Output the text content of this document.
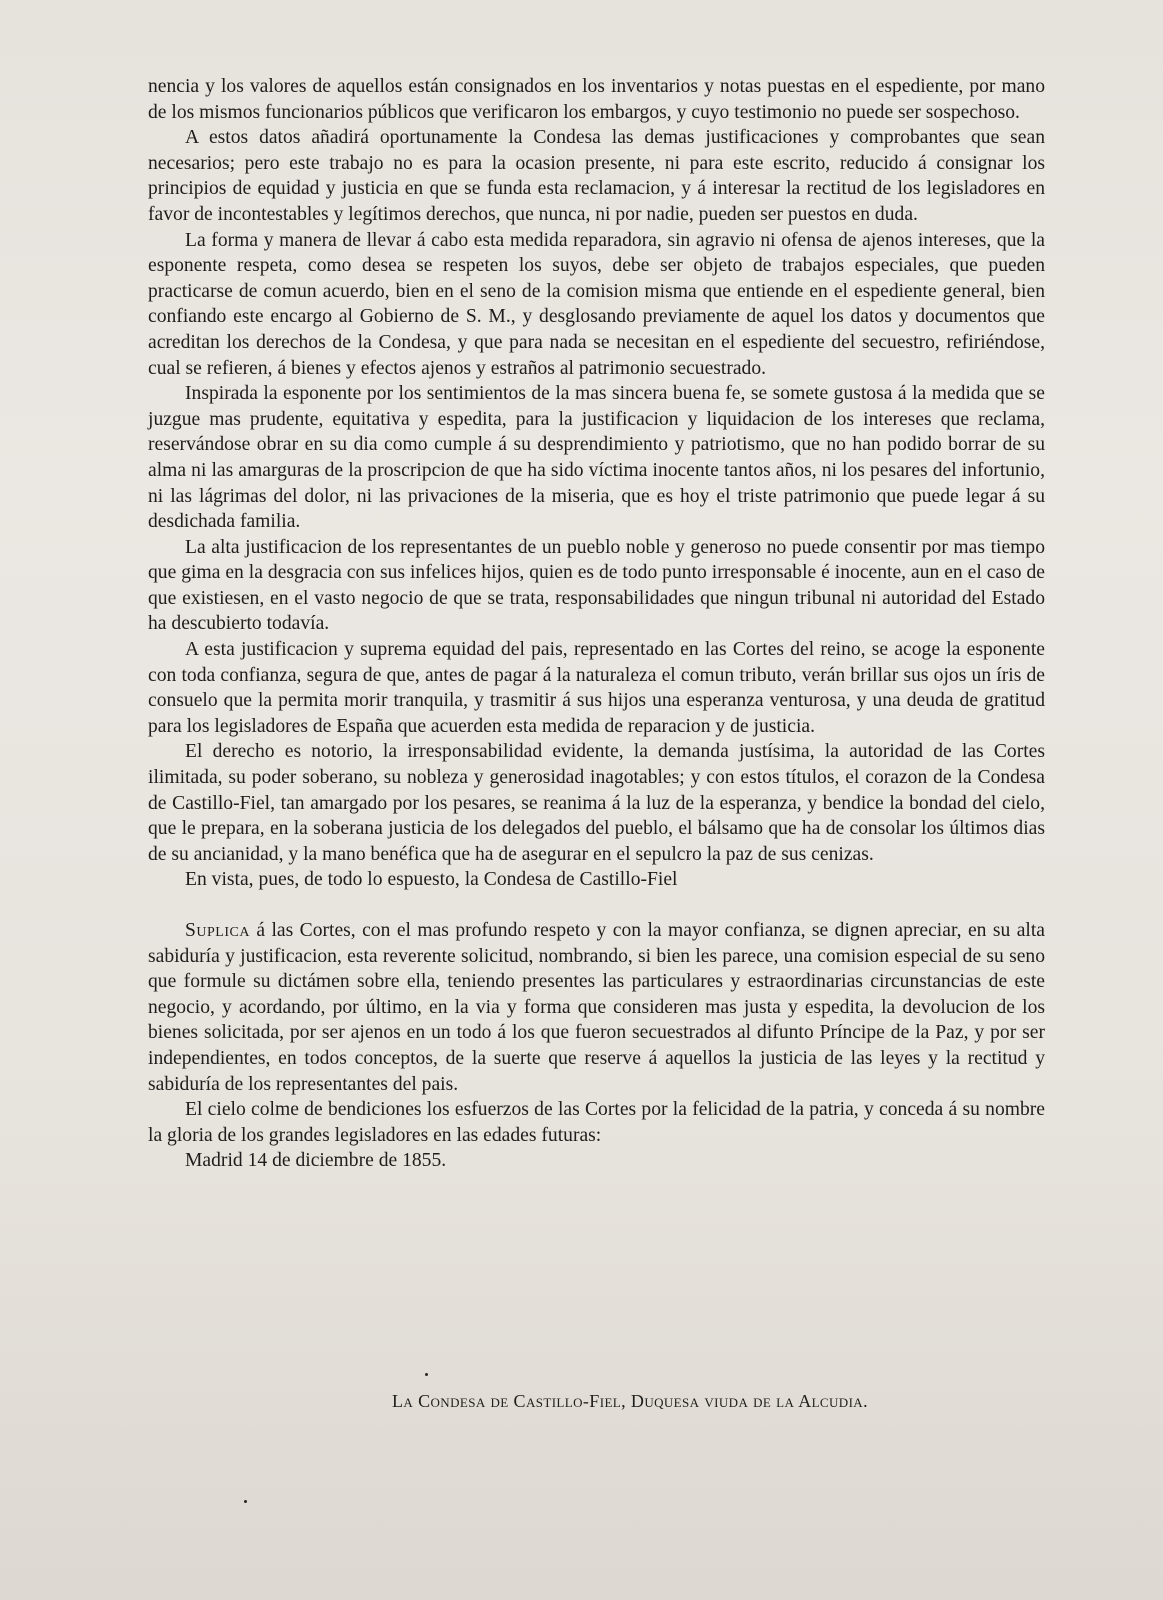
nencia y los valores de aquellos están consignados en los inventarios y notas puestas en el espediente, por mano de los mismos funcionarios públicos que verificaron los embargos, y cuyo testimonio no puede ser sospechoso.

A estos datos añadirá oportunamente la Condesa las demas justificaciones y comprobantes que sean necesarios; pero este trabajo no es para la ocasion presente, ni para este escrito, reducido á consignar los principios de equidad y justicia en que se funda esta reclamacion, y á interesar la rectitud de los legisladores en favor de incontestables y legítimos derechos, que nunca, ni por nadie, pueden ser puestos en duda.

La forma y manera de llevar á cabo esta medida reparadora, sin agravio ni ofensa de ajenos intereses, que la esponente respeta, como desea se respeten los suyos, debe ser objeto de trabajos especiales, que pueden practicarse de comun acuerdo, bien en el seno de la comision misma que entiende en el espediente general, bien confiando este encargo al Gobierno de S. M., y desglosando previamente de aquel los datos y documentos que acreditan los derechos de la Condesa, y que para nada se necesitan en el espediente del secuestro, refiriéndose, cual se refieren, á bienes y efectos ajenos y estraños al patrimonio secuestrado.

Inspirada la esponente por los sentimientos de la mas sincera buena fe, se somete gustosa á la medida que se juzgue mas prudente, equitativa y espedita, para la justificacion y liquidacion de los intereses que reclama, reservándose obrar en su dia como cumple á su desprendimiento y patriotismo, que no han podido borrar de su alma ni las amarguras de la proscripcion de que ha sido víctima inocente tantos años, ni los pesares del infortunio, ni las lágrimas del dolor, ni las privaciones de la miseria, que es hoy el triste patrimonio que puede legar á su desdichada familia.

La alta justificacion de los representantes de un pueblo noble y generoso no puede consentir por mas tiempo que gima en la desgracia con sus infelices hijos, quien es de todo punto irresponsable é inocente, aun en el caso de que existiesen, en el vasto negocio de que se trata, responsabilidades que ningun tribunal ni autoridad del Estado ha descubierto todavía.

A esta justificacion y suprema equidad del pais, representado en las Cortes del reino, se acoge la esponente con toda confianza, segura de que, antes de pagar á la naturaleza el comun tributo, verán brillar sus ojos un íris de consuelo que la permita morir tranquila, y trasmitir á sus hijos una esperanza venturosa, y una deuda de gratitud para los legisladores de España que acuerden esta medida de reparacion y de justicia.

El derecho es notorio, la irresponsabilidad evidente, la demanda justísima, la autoridad de las Cortes ilimitada, su poder soberano, su nobleza y generosidad inagotables; y con estos títulos, el corazon de la Condesa de Castillo-Fiel, tan amargado por los pesares, se reanima á la luz de la esperanza, y bendice la bondad del cielo, que le prepara, en la soberana justicia de los delegados del pueblo, el bálsamo que ha de consolar los últimos dias de su ancianidad, y la mano benéfica que ha de asegurar en el sepulcro la paz de sus cenizas.

En vista, pues, de todo lo espuesto, la Condesa de Castillo-Fiel

Suplica á las Cortes, con el mas profundo respeto y con la mayor confianza, se dignen apreciar, en su alta sabiduría y justificacion, esta reverente solicitud, nombrando, si bien les parece, una comision especial de su seno que formule su dictámen sobre ella, teniendo presentes las particulares y estraordinarias circunstancias de este negocio, y acordando, por último, en la via y forma que consideren mas justa y espedita, la devolucion de los bienes solicitada, por ser ajenos en un todo á los que fueron secuestrados al difunto Príncipe de la Paz, y por ser independientes, en todos conceptos, de la suerte que reserve á aquellos la justicia de las leyes y la rectitud y sabiduría de los representantes del pais.

El cielo colme de bendiciones los esfuerzos de las Cortes por la felicidad de la patria, y conceda á su nombre la gloria de los grandes legisladores en las edades futuras:

Madrid 14 de diciembre de 1855.

La Condesa de Castillo-Fiel, Duquesa viuda de la Alcudia.
